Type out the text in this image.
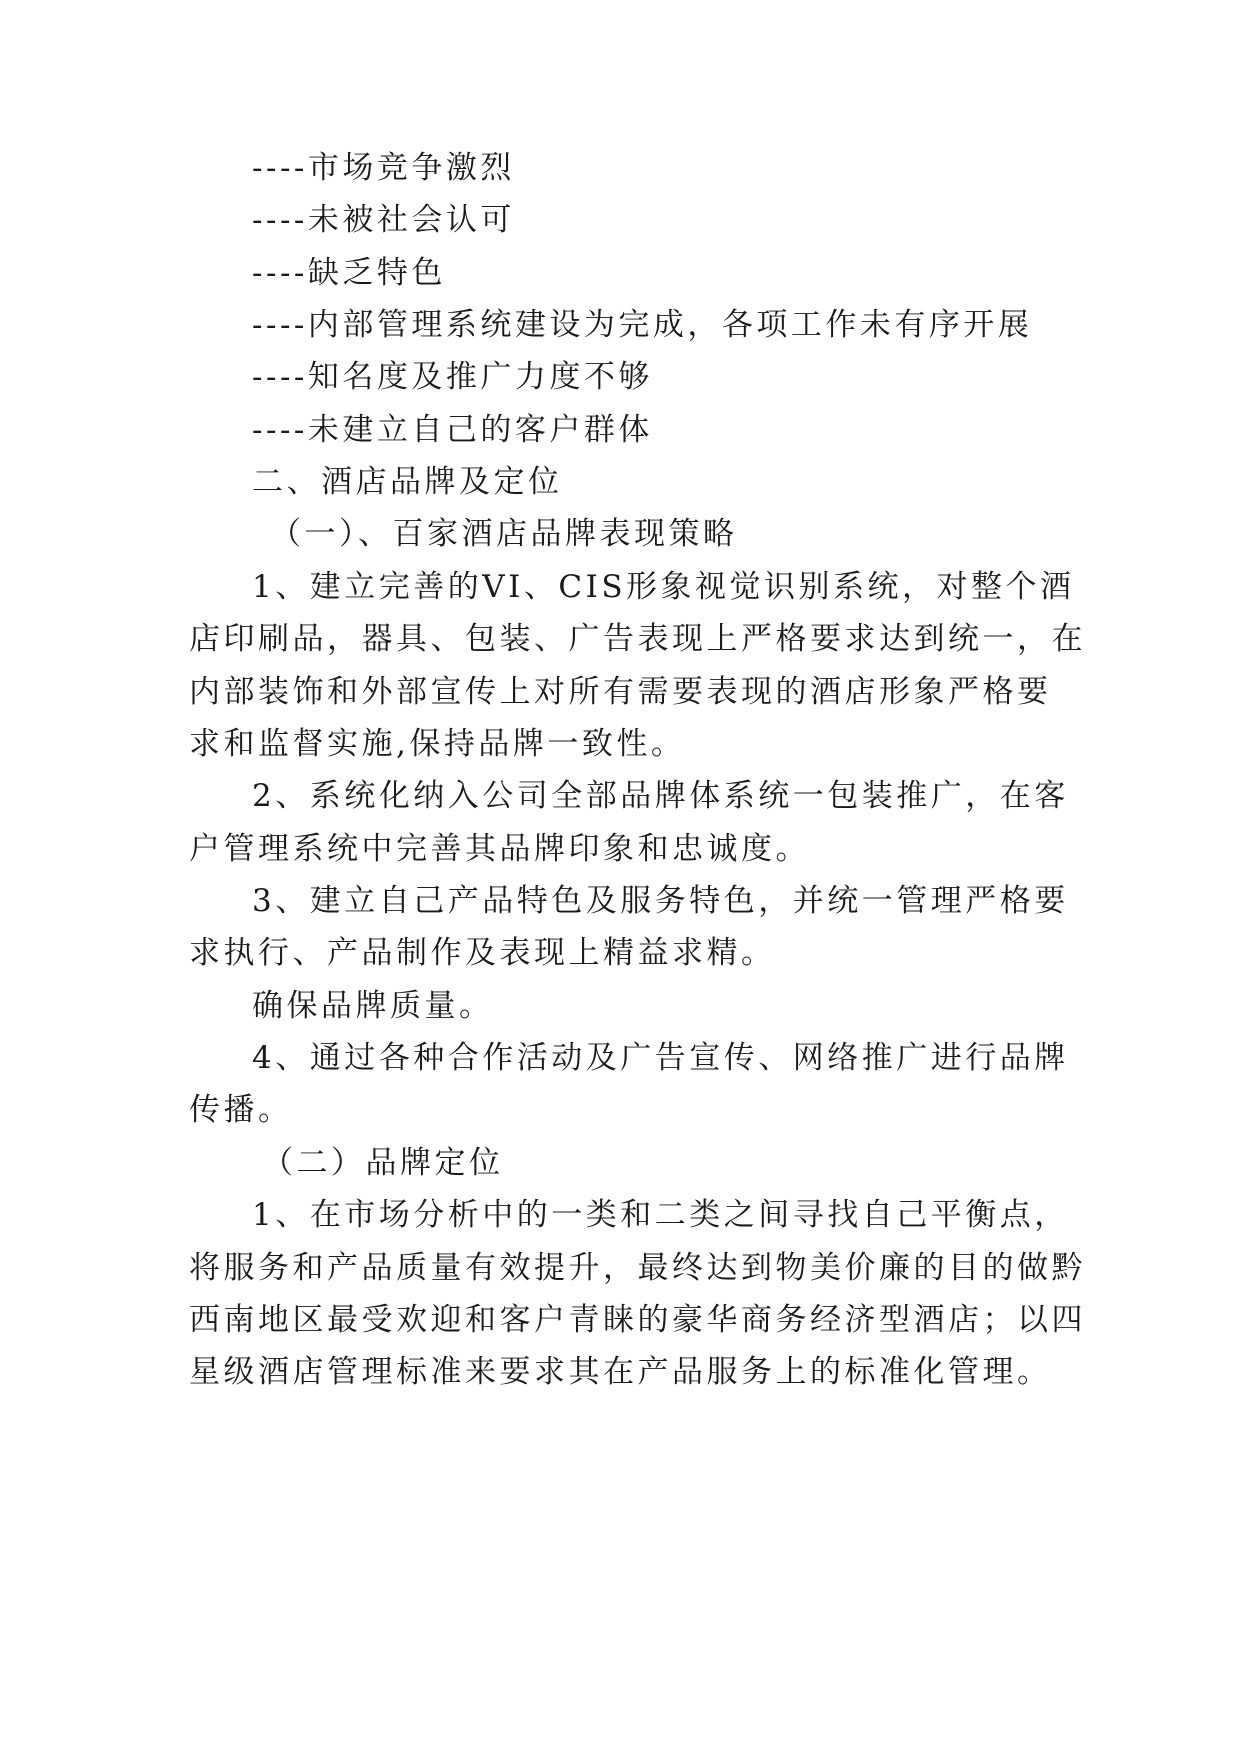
----市场竞争激烈
----未被社会认可
----缺乏特色
----内部管理系统建设为完成，各项工作未有序开展
----知名度及推广力度不够
----未建立自己的客户群体
二、酒店品牌及定位
（一）、百家酒店品牌表现策略
1、建立完善的VI、CIS形象视觉识别系统，对整个酒
店印刷品，器具、包装、广告表现上严格要求达到统一，在
内部装饰和外部宣传上对所有需要表现的酒店形象严格要
求和监督实施,保持品牌一致性。
2、系统化纳入公司全部品牌体系统一包装推广，在客
户管理系统中完善其品牌印象和忠诚度。
3、建立自己产品特色及服务特色，并统一管理严格要
求执行、产品制作及表现上精益求精。
确保品牌质量。
4、通过各种合作活动及广告宣传、网络推广进行品牌
传播。
（二）品牌定位
1、在市场分析中的一类和二类之间寻找自己平衡点，
将服务和产品质量有效提升，最终达到物美价廉的目的做黔
西南地区最受欢迎和客户青睐的豪华商务经济型酒店；以四
星级酒店管理标准来要求其在产品服务上的标准化管理。
